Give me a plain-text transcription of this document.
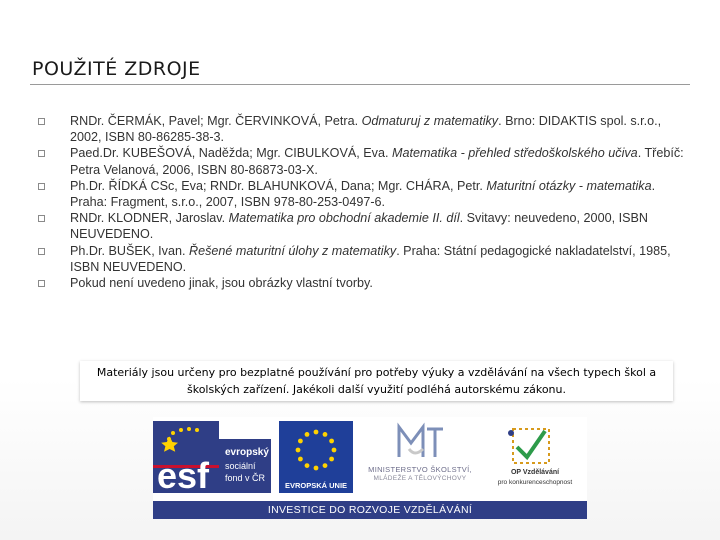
POUŽITÉ ZDROJE
RNDr. ČERMÁK, Pavel; Mgr. ČERVINKOVÁ, Petra. Odmaturuj z matematiky. Brno: DIDAKTIS spol. s.r.o., 2002, ISBN 80-86285-38-3.
Paed.Dr. KUBEŠOVÁ, Naděžda; Mgr. CIBULKOVÁ, Eva. Matematika - přehled středoškolského učiva. Třebíč: Petra Velanová, 2006, ISBN 80-86873-03-X.
Ph.Dr. ŘÍDKÁ CSc, Eva; RNDr. BLAHUNKOVÁ, Dana; Mgr. CHÁRA, Petr. Maturitní otázky - matematika. Praha: Fragment, s.r.o., 2007, ISBN 978-80-253-0497-6.
RNDr. KLODNER, Jaroslav. Matematika pro obchodní akademie II. díl. Svitavy: neuvedeno, 2000, ISBN NEUVEDENO.
Ph.Dr. BUŠEK, Ivan. Řešené maturitní úlohy z matematiky. Praha: Státní pedagogické nakladatelství, 1985, ISBN NEUVEDENO.
Pokud není uvedeno jinak, jsou obrázky vlastní tvorby.
Materiály jsou určeny pro bezplatné používání pro potřeby výuky a vzdělávání na všech typech škol a
školských zařízení. Jakékoli další využití podléhá autorskému zákonu.
esf
evropský
sociální
fond v ČR
EVROPSKÁ UNIE
MINISTERSTVO ŠKOLSTVÍ,
MLÁDEŽE A TĚLOVÝCHOVY
OP Vzdělávání
pro konkurenceschopnost
INVESTICE DO ROZVOJE VZDĚLÁVÁNÍ
